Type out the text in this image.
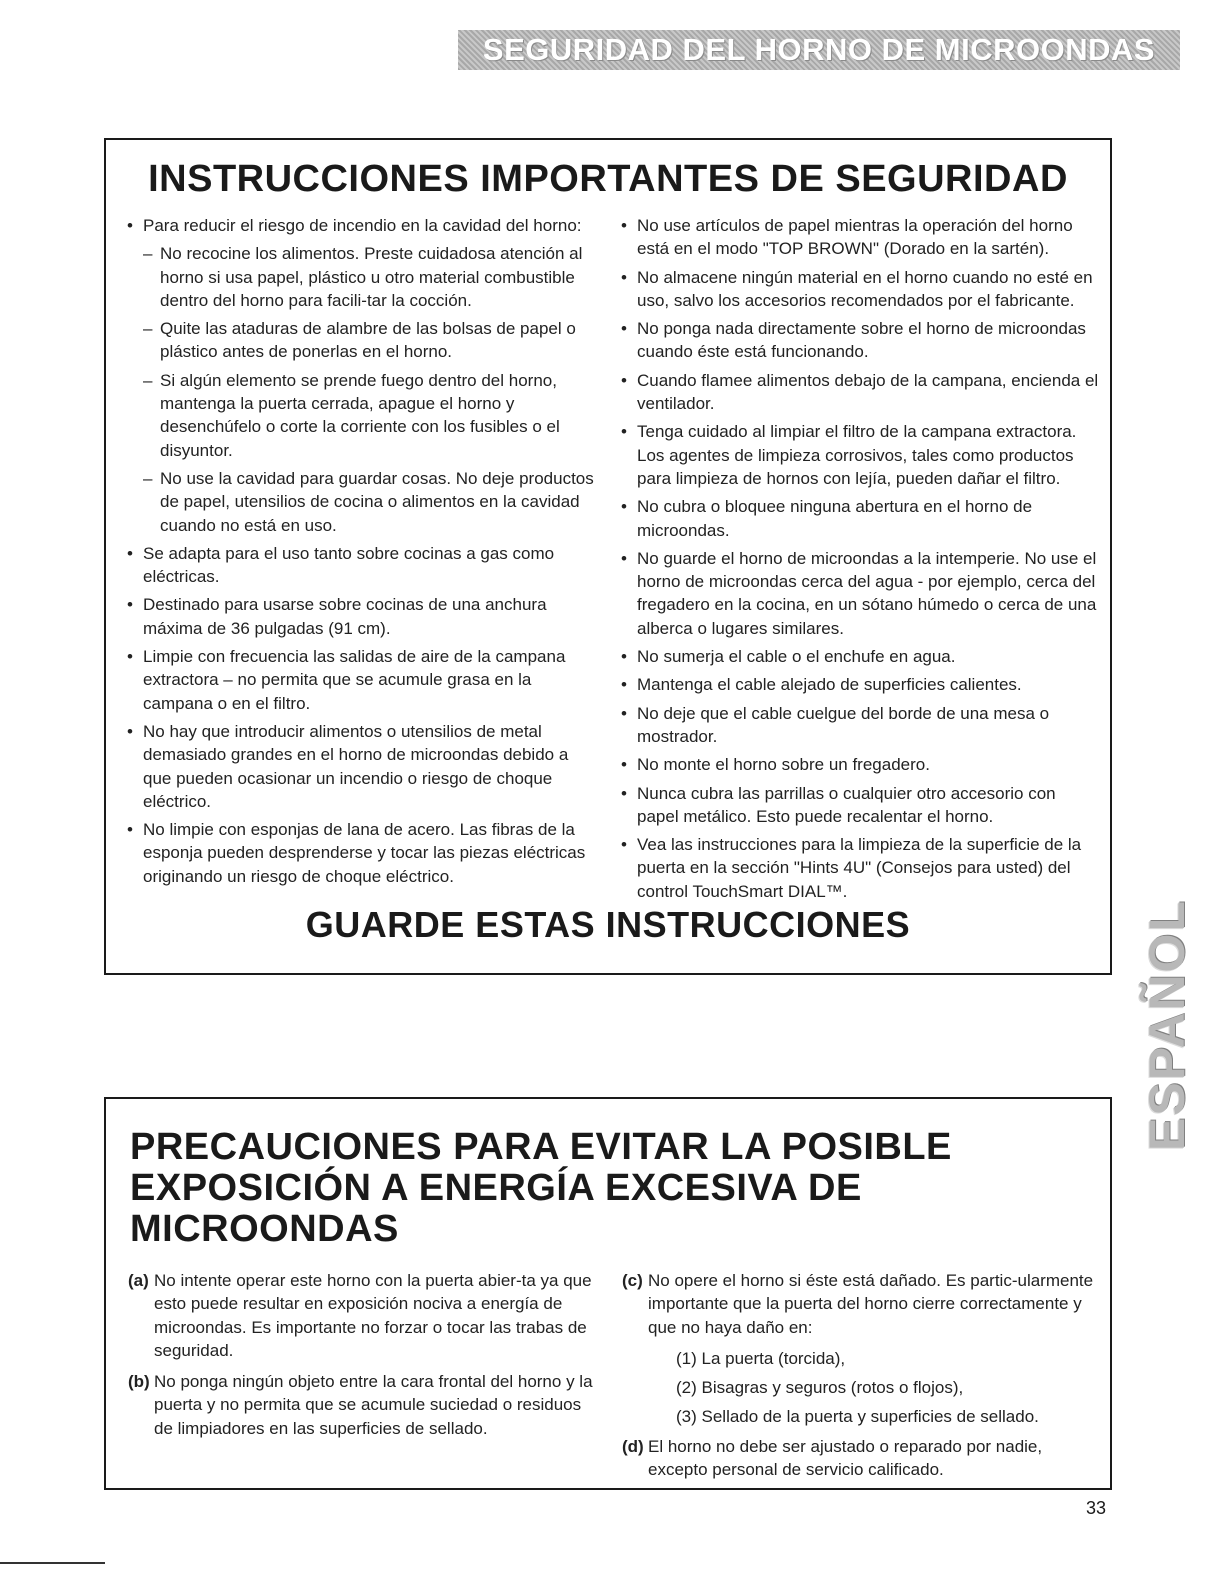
SEGURIDAD DEL HORNO DE MICROONDAS
INSTRUCCIONES IMPORTANTES DE SEGURIDAD

• Para reducir el riesgo de incendio en la cavidad del horno:

– No recocine los alimentos. Preste cuidadosa atención al horno si usa papel, plástico u otro material combustible dentro del horno para facili-tar la cocción.

– Quite las ataduras de alambre de las bolsas de papel o plástico antes de ponerlas en el horno.

– Si algún elemento se prende fuego dentro del horno, mantenga la puerta cerrada, apague el horno y desenchúfelo o corte la corriente con los fusibles o el disyuntor.

– No use la cavidad para guardar cosas. No deje productos de papel, utensilios de cocina o alimentos en la cavidad cuando no está en uso.

• Se adapta para el uso tanto sobre cocinas a gas como eléctricas.

• Destinado para usarse sobre cocinas de una anchura máxima de 36 pulgadas (91 cm).

• Limpie con frecuencia las salidas de aire de la campana extractora – no permita que se acumule grasa en la campana o en el filtro.

• No hay que introducir alimentos o utensilios de metal demasiado grandes en el horno de microondas debido a que pueden ocasionar un incendio o riesgo de choque eléctrico.

• No limpie con esponjas de lana de acero. Las fibras de la esponja pueden desprenderse y tocar las piezas eléctricas originando un riesgo de choque eléctrico.

• No use artículos de papel mientras la operación del horno está en el modo "TOP BROWN" (Dorado en la sartén).

• No almacene ningún material en el horno cuando no esté en uso, salvo los accesorios recomendados por el fabricante.

• No ponga nada directamente sobre el horno de microondas cuando éste está funcionando.

• Cuando flamee alimentos debajo de la campana, encienda el ventilador.

• Tenga cuidado al limpiar el filtro de la campana extractora. Los agentes de limpieza corrosivos, tales como productos para limpieza de hornos con lejía, pueden dañar el filtro.

• No cubra o bloquee ninguna abertura en el horno de microondas.

• No guarde el horno de microondas a la intemperie. No use el horno de microondas cerca del agua - por ejemplo, cerca del fregadero en la cocina, en un sótano húmedo o cerca de una alberca o lugares similares.

• No sumerja el cable o el enchufe en agua.

• Mantenga el cable alejado de superficies calientes.

• No deje que el cable cuelgue del borde de una mesa o mostrador.

• No monte el horno sobre un fregadero.

• Nunca cubra las parrillas o cualquier otro accesorio con papel metálico. Esto puede recalentar el horno.

• Vea las instrucciones para la limpieza de la superficie de la puerta en la sección "Hints 4U" (Consejos para usted) del control TouchSmart DIAL™.

GUARDE ESTAS INSTRUCCIONES
PRECAUCIONES PARA EVITAR LA POSIBLE
EXPOSICIÓN A ENERGÍA EXCESIVA DE
MICROONDAS

(a) No intente operar este horno con la puerta abier-ta ya que esto puede resultar en exposición nociva a energía de microondas. Es importante no forzar o tocar las trabas de seguridad.

(b) No ponga ningún objeto entre la cara frontal del horno y la puerta y no permita que se acumule suciedad o residuos de limpiadores en las superficies de sellado.

(c) No opere el horno si éste está dañado. Es partic-ularmente importante que la puerta del horno cierre correctamente y que no haya daño en:

(1) La puerta (torcida),

(2) Bisagras y seguros (rotos o flojos),

(3) Sellado de la puerta y superficies de sellado.

(d) El horno no debe ser ajustado o reparado por nadie, excepto personal de servicio calificado.

ESPAÑOL
33
